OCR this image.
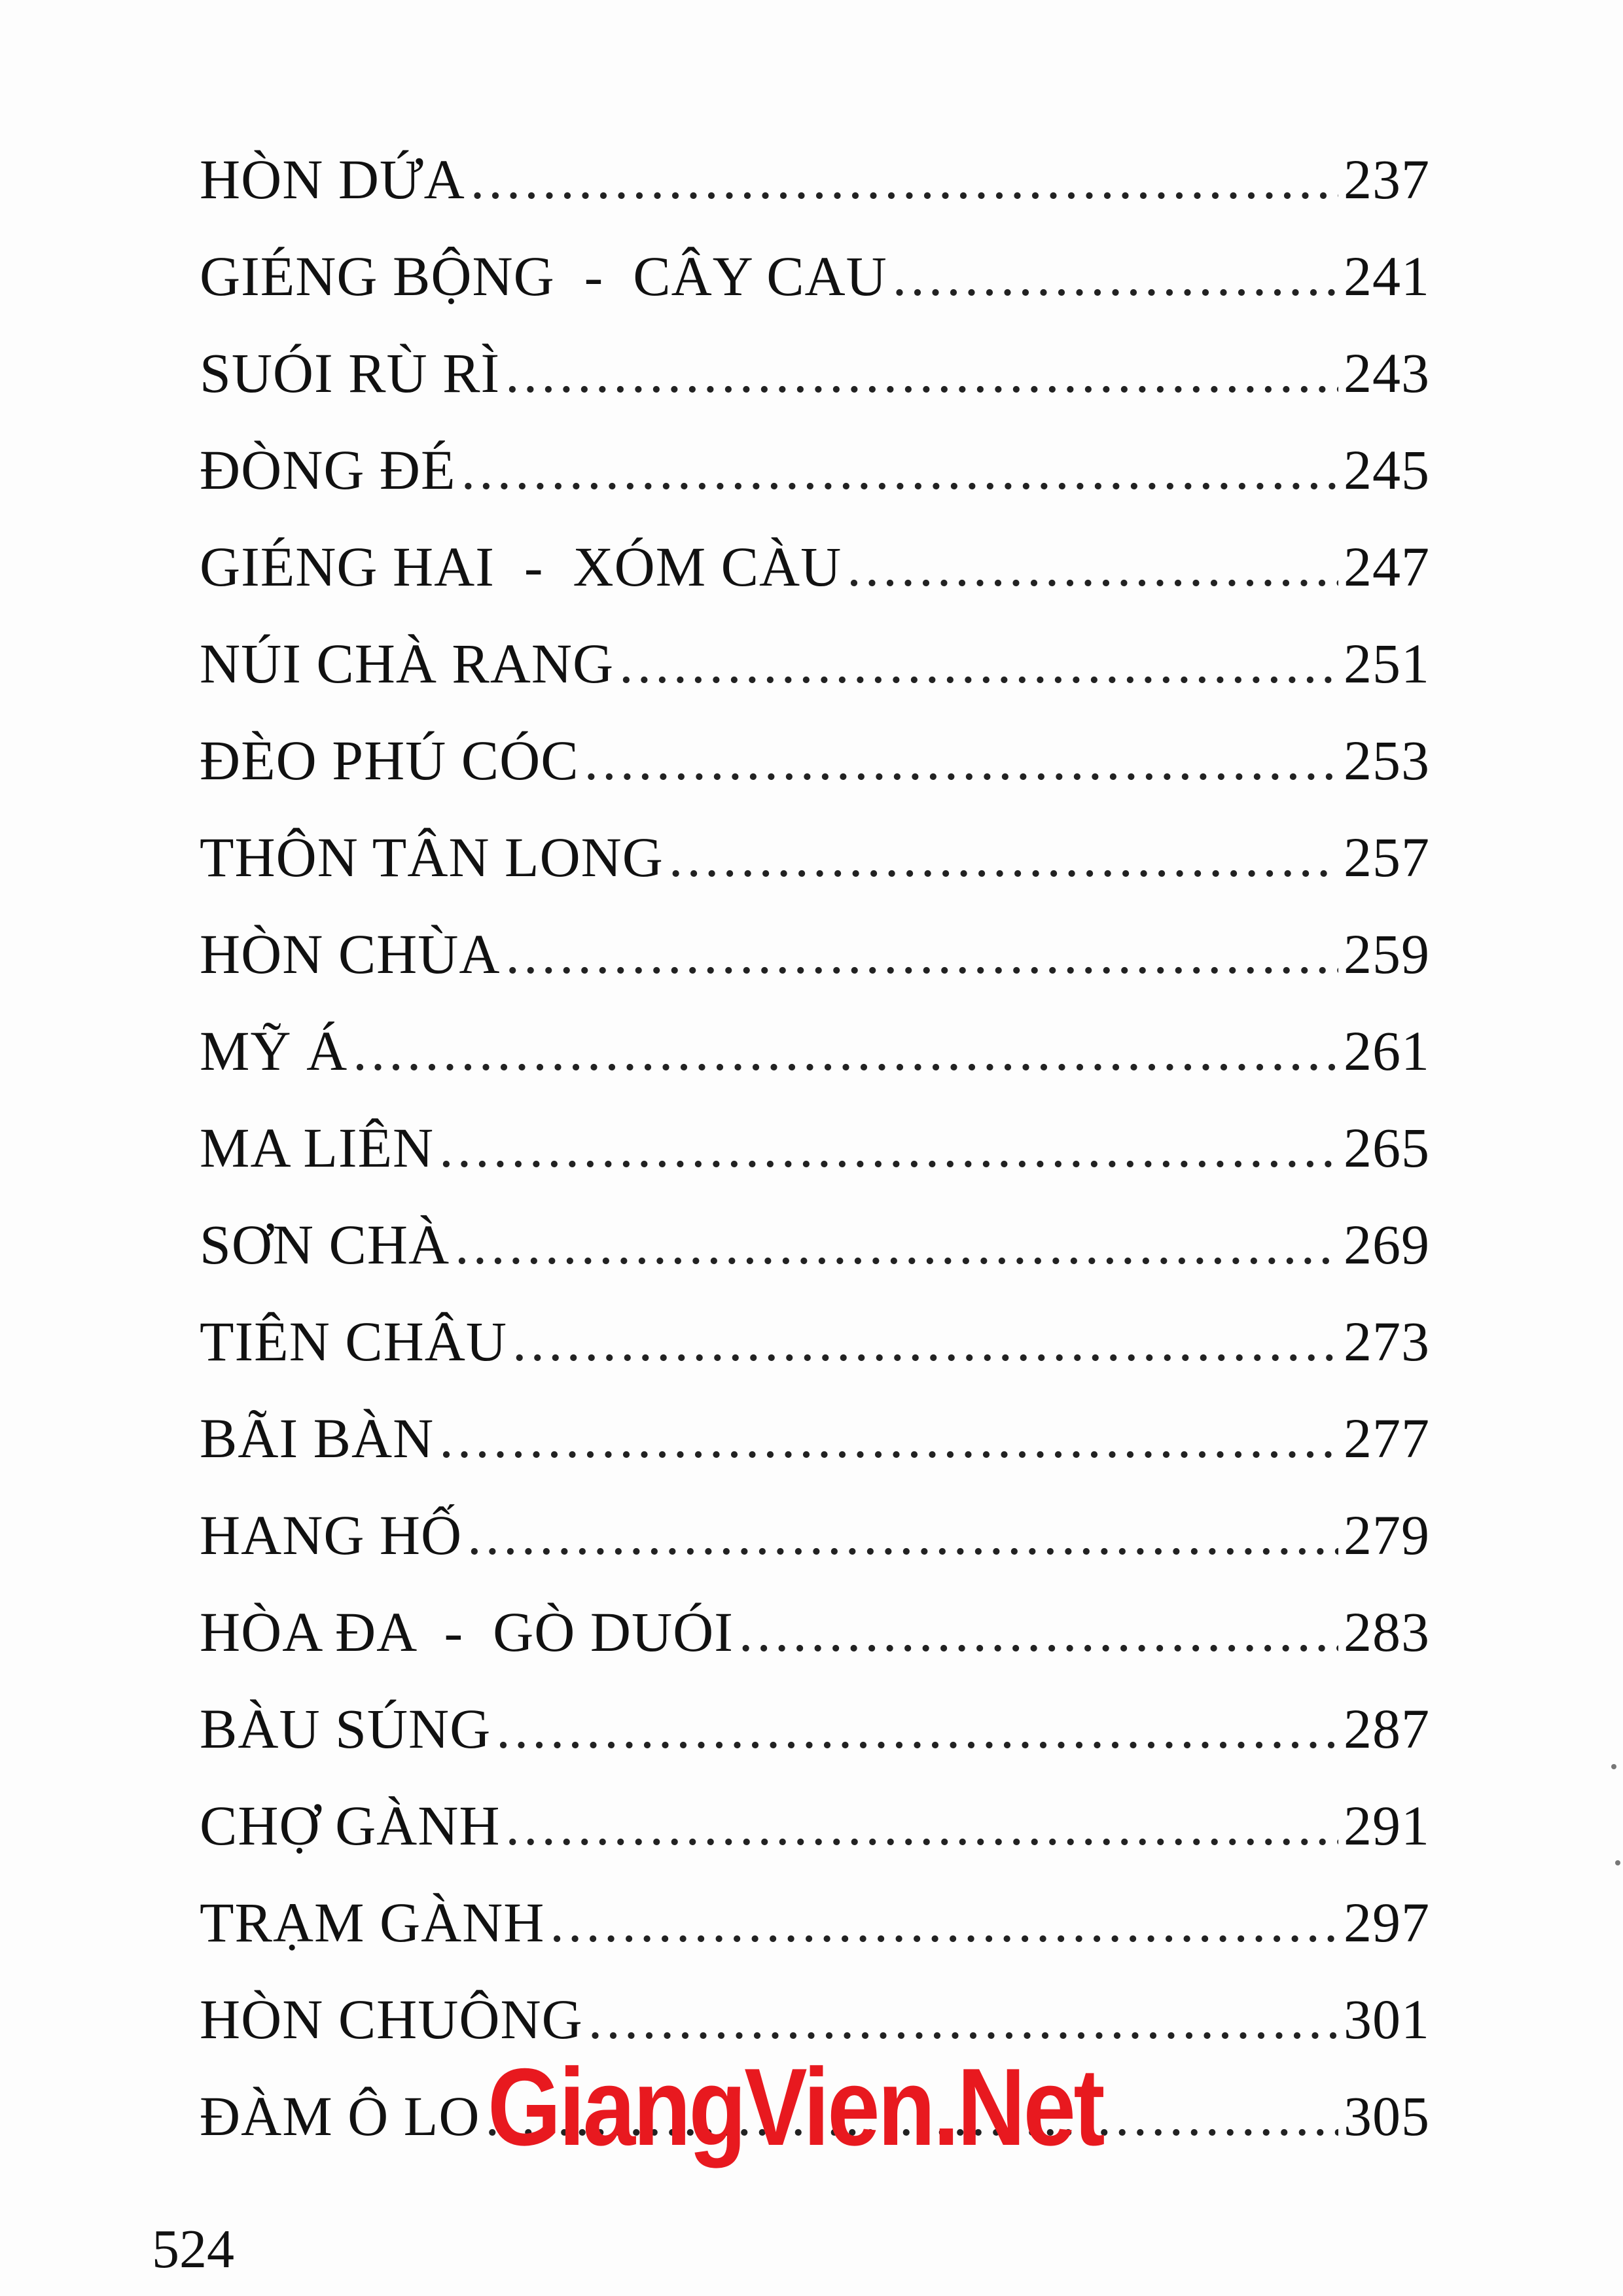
HÒN DỨA .....	237
GIÉNG BỘNG  -  CÂY CAU .....	241
SUÓI RÙ RÌ .....	243
ĐÒNG ĐÉ .....	245
GIÉNG HAI  -  XÓM CÀU .....	247
NÚI CHÀ RANG .....	251
ĐÈO PHÚ CÓC .....	253
THÔN TÂN LONG .....	257
HÒN CHÙA .....	259
MỸ Á .....	261
MA LIÊN .....	265
SƠN CHÀ .....	269
TIÊN CHÂU .....	273
BÃI BÀN .....	277
HANG HỐ .....	279
HÒA ĐA  -  GÒ DUÓI .....	283
BÀU SÚNG .....	287
CHỢ GÀNH .....	291
TRẠM GÀNH .....	297
HÒN CHUÔNG .....	301
ĐÀM Ô LO .....	305
GiangVien.Net
524
